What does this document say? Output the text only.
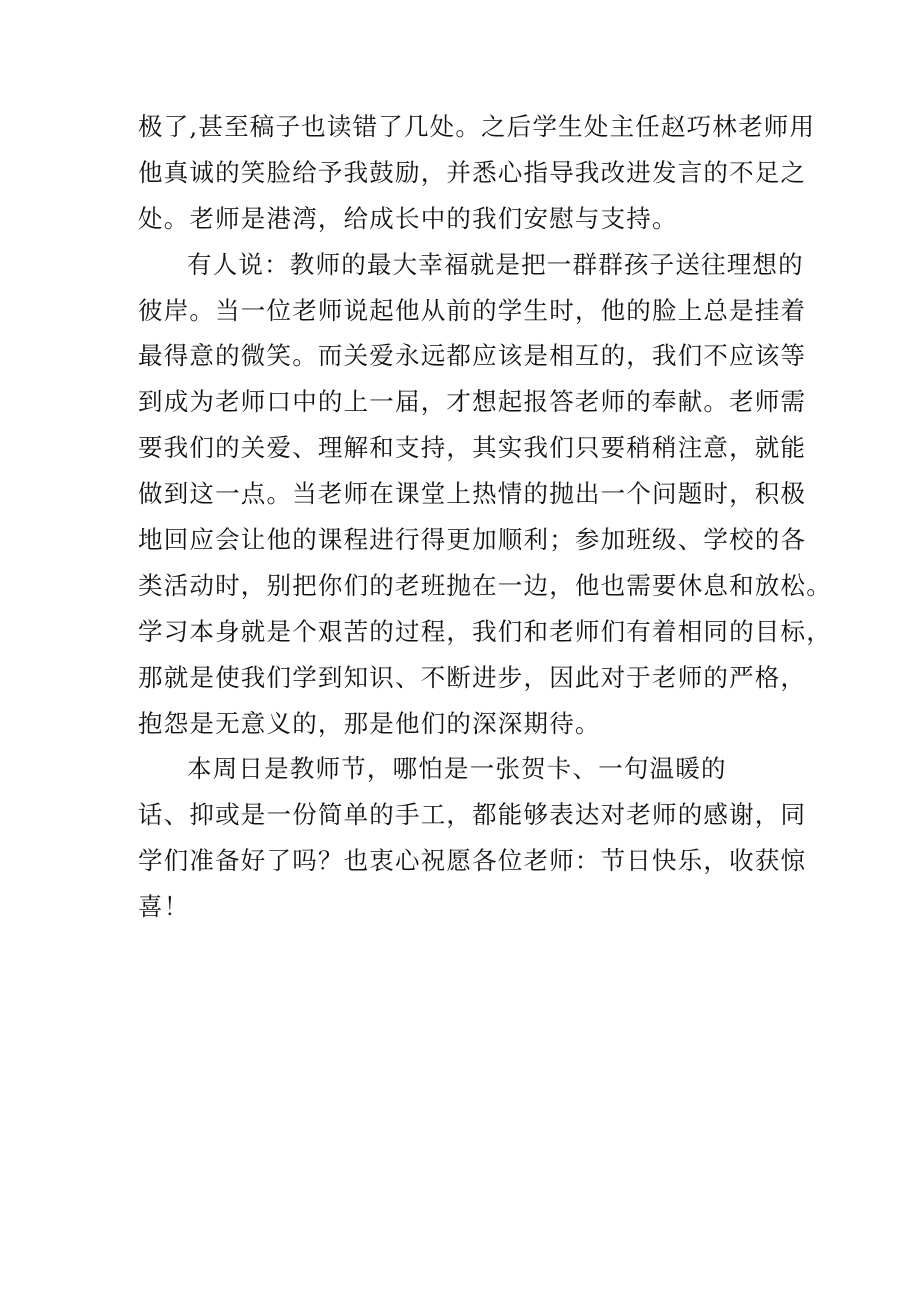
极了,甚至稿子也读错了几处。之后学生处主任赵巧林老师用
他真诚的笑脸给予我鼓励，并悉心指导我改进发言的不足之
处。老师是港湾，给成长中的我们安慰与支持。
有人说：教师的最大幸福就是把一群群孩子送往理想的
彼岸。当一位老师说起他从前的学生时，他的脸上总是挂着
最得意的微笑。而关爱永远都应该是相互的，我们不应该等
到成为老师口中的上一届，才想起报答老师的奉献。老师需
要我们的关爱、理解和支持，其实我们只要稍稍注意，就能
做到这一点。当老师在课堂上热情的抛出一个问题时，积极
地回应会让他的课程进行得更加顺利；参加班级、学校的各
类活动时，别把你们的老班抛在一边，他也需要休息和放松。
学习本身就是个艰苦的过程，我们和老师们有着相同的目标，
那就是使我们学到知识、不断进步，因此对于老师的严格，
抱怨是无意义的，那是他们的深深期待。
本周日是教师节，哪怕是一张贺卡、一句温暖的
话、抑或是一份简单的手工，都能够表达对老师的感谢，同
学们准备好了吗？也衷心祝愿各位老师：节日快乐，收获惊
喜！
